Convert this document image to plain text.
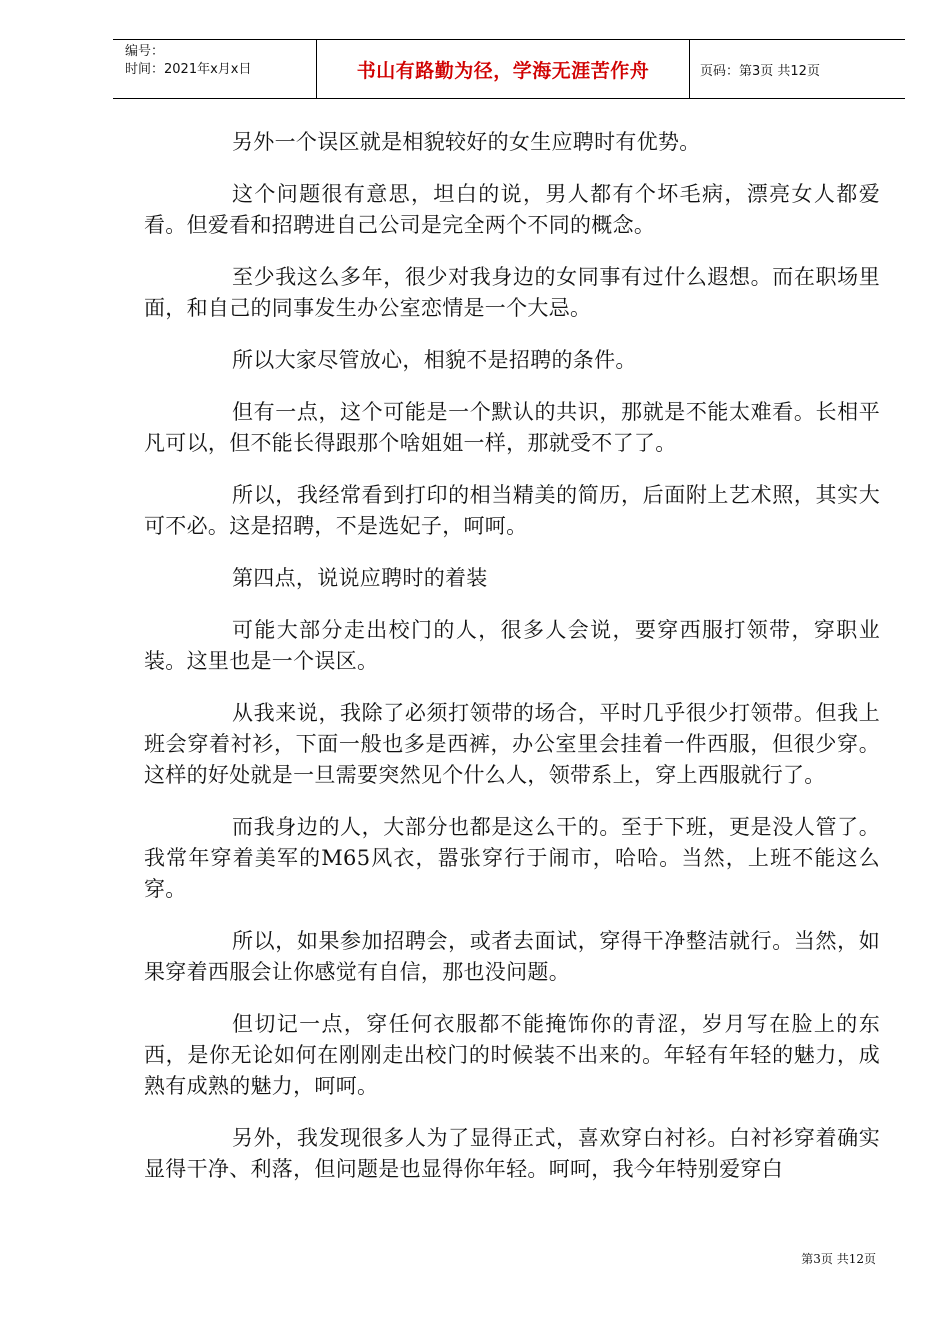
编号：
时间：2021年x月x日	书山有路勤为径，学海无涯苦作舟	页码：第3页 共12页

另外一个误区就是相貌较好的女生应聘时有优势。

这个问题很有意思，坦白的说，男人都有个坏毛病，漂亮女人都爱看。但爱看和招聘进自己公司是完全两个不同的概念。

至少我这么多年，很少对我身边的女同事有过什么遐想。而在职场里面，和自己的同事发生办公室恋情是一个大忌。

所以大家尽管放心，相貌不是招聘的条件。

但有一点，这个可能是一个默认的共识，那就是不能太难看。长相平凡可以，但不能长得跟那个啥姐姐一样，那就受不了了。

所以，我经常看到打印的相当精美的简历，后面附上艺术照，其实大可不必。这是招聘，不是选妃子，呵呵。

第四点，说说应聘时的着装

可能大部分走出校门的人，很多人会说，要穿西服打领带，穿职业装。这里也是一个误区。

从我来说，我除了必须打领带的场合，平时几乎很少打领带。但我上班会穿着衬衫，下面一般也多是西裤，办公室里会挂着一件西服，但很少穿。这样的好处就是一旦需要突然见个什么人，领带系上，穿上西服就行了。

而我身边的人，大部分也都是这么干的。至于下班，更是没人管了。我常年穿着美军的M65风衣，嚣张穿行于闹市，哈哈。当然，上班不能这么穿。

所以，如果参加招聘会，或者去面试，穿得干净整洁就行。当然，如果穿着西服会让你感觉有自信，那也没问题。

但切记一点，穿任何衣服都不能掩饰你的青涩，岁月写在脸上的东西，是你无论如何在刚刚走出校门的时候装不出来的。年轻有年轻的魅力，成熟有成熟的魅力，呵呵。

另外，我发现很多人为了显得正式，喜欢穿白衬衫。白衬衫穿着确实显得干净、利落，但问题是也显得你年轻。呵呵，我今年特别爱穿白

第3页 共12页
